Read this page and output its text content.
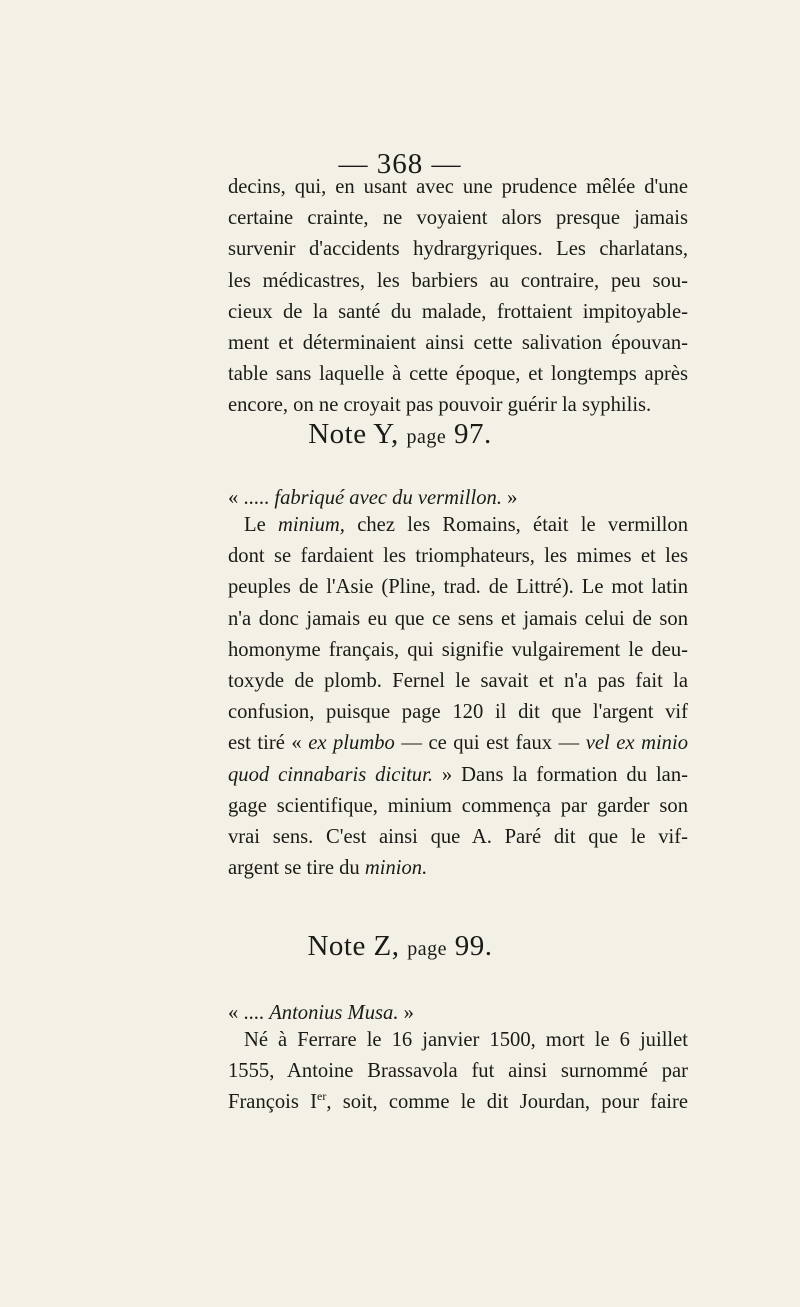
— 368 —
decins, qui, en usant avec une prudence mêlée d'une
certaine crainte, ne voyaient alors presque jamais
survenir d'accidents hydrargyriques. Les charlatans,
les médicastres, les barbiers au contraire, peu sou-
cieux de la santé du malade, frottaient impitoyable-
ment et déterminaient ainsi cette salivation épouvan-
table sans laquelle à cette époque, et longtemps après
encore, on ne croyait pas pouvoir guérir la syphilis.
Note Y, page 97.
« ..... fabriqué avec du vermillon. »
Le minium, chez les Romains, était le vermillon
dont se fardaient les triomphateurs, les mimes et les
peuples de l'Asie (Pline, trad. de Littré). Le mot latin
n'a donc jamais eu que ce sens et jamais celui de son
homonyme français, qui signifie vulgairement le deu-
toxyde de plomb. Fernel le savait et n'a pas fait la
confusion, puisque page 120 il dit que l'argent vif
est tiré « ex plumbo — ce qui est faux — vel ex minio
quod cinnabaris dicitur. » Dans la formation du lan-
gage scientifique, minium commença par garder son
vrai sens. C'est ainsi que A. Paré dit que le vif-
argent se tire du minion.
Note Z, page 99.
« .... Antonius Musa. »
Né à Ferrare le 16 janvier 1500, mort le 6 juillet
1555, Antoine Brassavola fut ainsi surnommé par
François Ier, soit, comme le dit Jourdan, pour faire
